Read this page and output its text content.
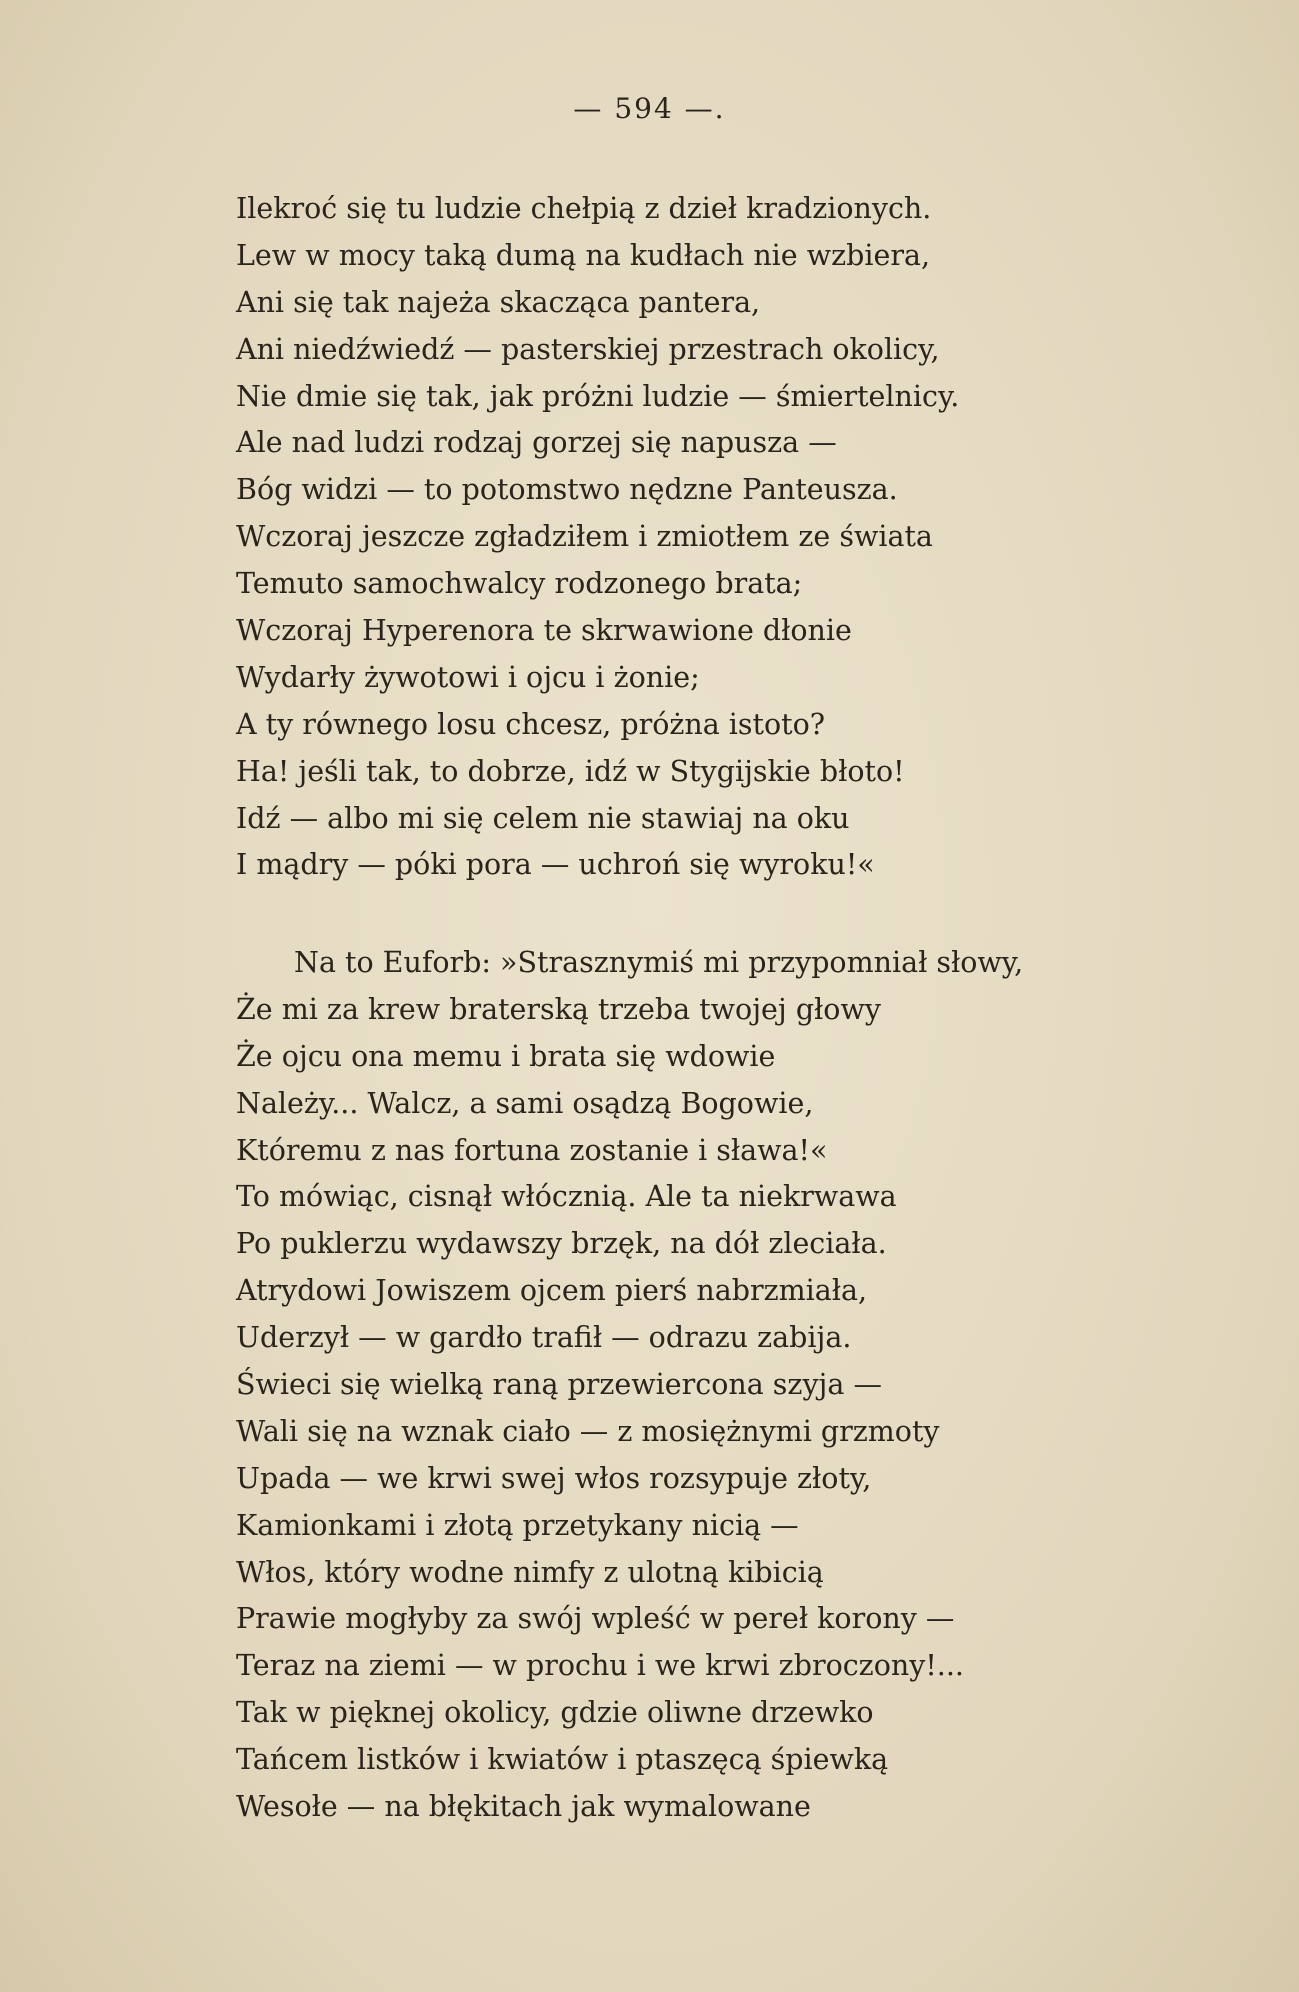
— 594 —.
Ilekroć się tu ludzie chełpią z dzieł kradzionych.
Lew w mocy taką dumą na kudłach nie wzbiera,
Ani się tak najeża skacząca pantera,
Ani niedźwiedź — pasterskiej przestrach okolicy,
Nie dmie się tak, jak próżni ludzie — śmiertelnicy.
Ale nad ludzi rodzaj gorzej się napusza —
Bóg widzi — to potomstwo nędzne Panteusza.
Wczoraj jeszcze zgładziłem i zmiotłem ze świata
Temuto samochwalcy rodzonego brata;
Wczoraj Hyperenora te skrwawione dłonie
Wydarły żywotowi i ojcu i żonie;
A ty równego losu chcesz, próżna istoto?
Ha! jeśli tak, to dobrze, idź w Stygijskie błoto!
Idź — albo mi się celem nie stawiaj na oku
I mądry — póki pora — uchroń się wyroku!«
Na to Euforb: »Strasznymiś mi przypomniał słowy,
Że mi za krew braterską trzeba twojej głowy
Że ojcu ona memu i brata się wdowie
Należy... Walcz, a sami osądzą Bogowie,
Któremu z nas fortuna zostanie i sława!«
To mówiąc, cisnął włócznią. Ale ta niekrwawa
Po puklerzu wydawszy brzęk, na dół zleciała.
Atrydowi Jowiszem ojcem pierś nabrzmiała,
Uderzył — w gardło trafił — odrazu zabija.
Świeci się wielką raną przewiercona szyja —
Wali się na wznak ciało — z mosiężnymi grzmoty
Upada — we krwi swej włos rozsypuje złoty,
Kamionkami i złotą przetykany nicią —
Włos, który wodne nimfy z ulotną kibicią
Prawie mogłyby za swój wpleść w pereł korony —
Teraz na ziemi — w prochu i we krwi zbroczony!...
Tak w pięknej okolicy, gdzie oliwne drzewko
Tańcem listków i kwiatów i ptaszęcą śpiewką
Wesołe — na błękitach jak wymalowane
